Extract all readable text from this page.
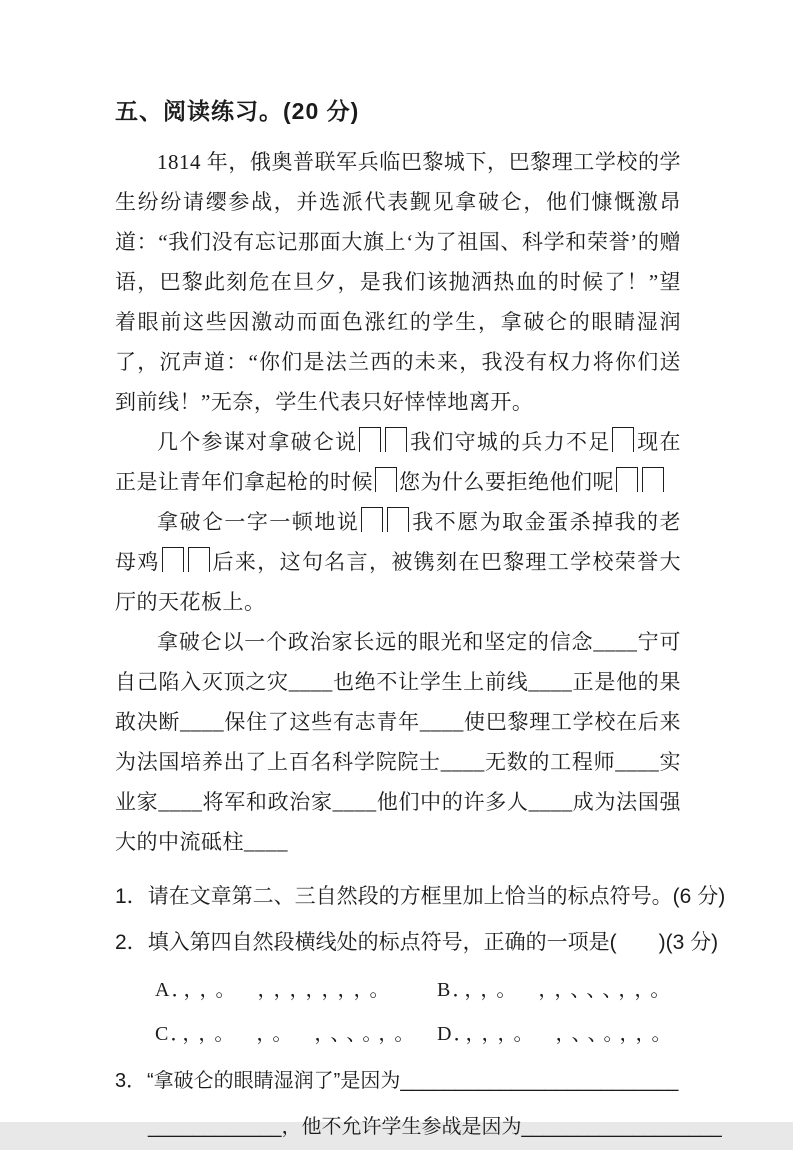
五、阅读练习。(20 分)

1814 年，俄奥普联军兵临巴黎城下，巴黎理工学校的学生纷纷请缨参战，并选派代表觐见拿破仑，他们慷慨激昂道：“我们没有忘记那面大旗上‘为了祖国、科学和荣誉’的赠语，巴黎此刻危在旦夕，是我们该抛洒热血的时候了！”望着眼前这些因激动而面色涨红的学生，拿破仑的眼睛湿润了，沉声道：“你们是法兰西的未来，我没有权力将你们送到前线！”无奈，学生代表只好悻悻地离开。

几个参谋对拿破仑说 我们守城的兵力不足 现在正是让青年们拿起枪的时候 您为什么要拒绝他们呢

拿破仑一字一顿地说 我不愿为取金蛋杀掉我的老母鸡 后来，这句名言，被镌刻在巴黎理工学校荣誉大厅的天花板上。

拿破仑以一个政治家长远的眼光和坚定的信念____宁可自己陷入灭顶之灾____也绝不让学生上前线____正是他的果敢决断____保住了这些有志青年____使巴黎理工学校在后来为法国培养出了上百名科学院院士____无数的工程师____实业家____将军和政治家____他们中的许多人____成为法国强大的中流砥柱____

1．请在文章第二、三自然段的方框里加上恰当的标点符号。(6 分)
2．填入第四自然段横线处的标点符号，正确的一项是(　　)(3 分)
A．，，。　，，，，，，，。	B．，，。　，，、、、，，。
C．，，。　，。　，、、。，。 D．，，，。　，、、。，，。
3．“拿破仑的眼睛湿润了”是因为_________________________
____________，他不允许学生参战是因为__________________
